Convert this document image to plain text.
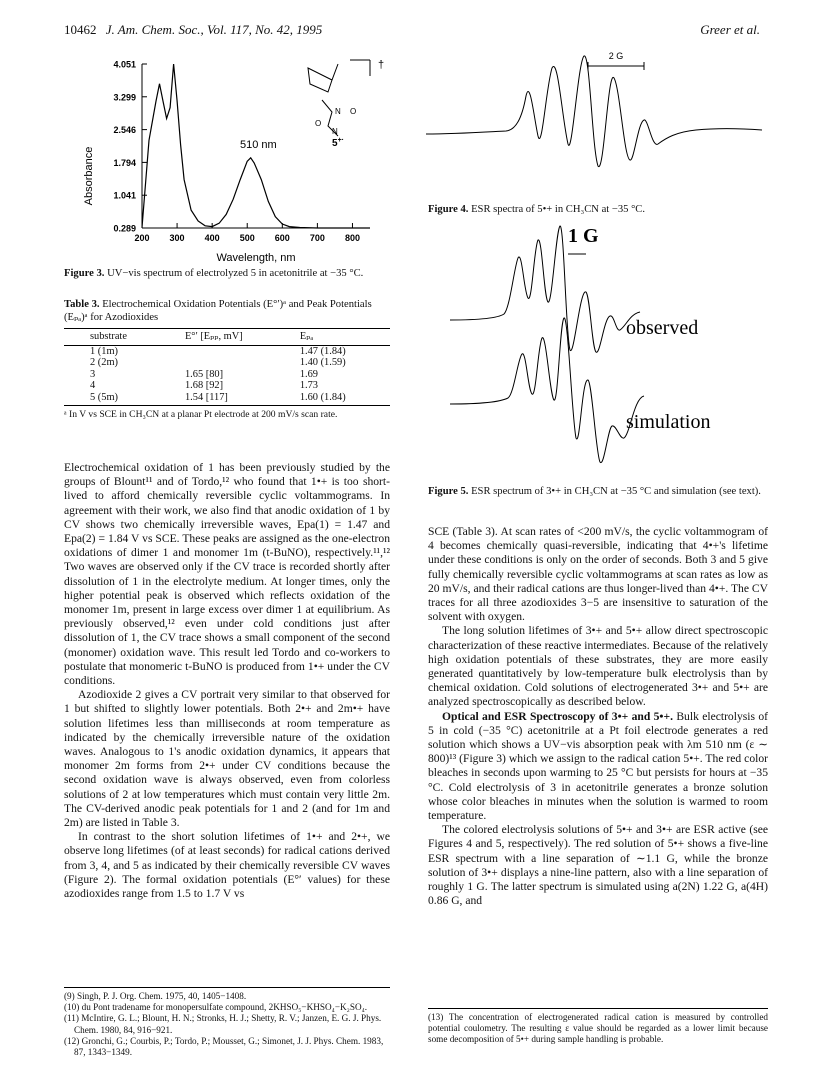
10462 J. Am. Chem. Soc., Vol. 117, No. 42, 1995	Greer et al.
Absorbance
4.051
3.299
2.546
1.794
1.041
0.289
200 300 400 500 600 700 800
510 nm
Wavelength, nm
N O
O
N
5+·
†
Figure 3. UV−vis spectrum of electrolyzed 5 in acetonitrile at −35 °C.
Table 3. Electrochemical Oxidation Potentials (E°′)ᵃ and Peak Potentials (Eₚₐ)ᵃ for Azodioxides
substrate	E°′ [Eₚₚ, mV]	Eₚₐ
1 (1m)		1.47 (1.84)
2 (2m)		1.40 (1.59)
3	1.65 [80]	1.69
4	1.68 [92]	1.73
5 (5m)	1.54 [117]	1.60 (1.84)
ᵃ In V vs SCE in CH₃CN at a planar Pt electrode at 200 mV/s scan rate.

Electrochemical oxidation of 1 has been previously studied by the groups of Blount¹¹ and of Tordo,¹² who found that 1•+ is too short-lived to afford chemically reversible cyclic voltammograms. In agreement with their work, we also find that anodic oxidation of 1 by CV shows two chemically irreversible waves, Epa(1) = 1.47 and Epa(2) = 1.84 V vs SCE. These peaks are assigned as the one-electron oxidations of dimer 1 and monomer 1m (t-BuNO), respectively.¹¹,¹² Two waves are observed only if the CV trace is recorded shortly after dissolution of 1 in the electrolyte medium. At longer times, only the higher potential peak is observed which reflects oxidation of the monomer 1m, present in large excess over dimer 1 at equilibrium. As previously observed,¹² even under cold conditions just after dissolution of 1, the CV trace shows a small component of the second (monomer) oxidation wave. This result led Tordo and co-workers to postulate that monomeric t-BuNO is produced from 1•+ under the CV conditions.

Azodioxide 2 gives a CV portrait very similar to that observed for 1 but shifted to slightly lower potentials. Both 2•+ and 2m•+ have solution lifetimes less than milliseconds at room temperature as indicated by the chemically irreversible nature of the oxidation waves. Analogous to 1's anodic oxidation dynamics, it appears that monomer 2m forms from 2•+ under CV conditions because the second oxidation wave is always observed, even from colorless solutions of 2 at low temperatures which must contain very little 2m. The CV-derived anodic peak potentials for 1 and 2 (and for 1m and 2m) are listed in Table 3.

In contrast to the short solution lifetimes of 1•+ and 2•+, we observe long lifetimes (of at least seconds) for radical cations derived from 3, 4, and 5 as indicated by their chemically reversible CV waves (Figure 2). The formal oxidation potentials (E°′ values) for these azodioxides range from 1.5 to 1.7 V vs

(9) Singh, P. J. Org. Chem. 1975, 40, 1405−1408.
(10) du Pont tradename for monopersulfate compound, 2KHSO₅−KHSO₄−K₂SO₄.
(11) McIntire, G. L.; Blount, H. N.; Stronks, H. J.; Shetty, R. V.; Janzen, E. G. J. Phys. Chem. 1980, 84, 916−921.
(12) Gronchi, G.; Courbis, P.; Tordo, P.; Mousset, G.; Simonet, J. J. Phys. Chem. 1983, 87, 1343−1349.
2 G
Figure 4. ESR spectra of 5•+ in CH₃CN at −35 °C.
1 G
observed
simulation
Figure 5. ESR spectrum of 3•+ in CH₃CN at −35 °C and simulation (see text).

SCE (Table 3). At scan rates of <200 mV/s, the cyclic voltammogram of 4 becomes chemically quasi-reversible, indicating that 4•+'s lifetime under these conditions is only on the order of seconds. Both 3 and 5 give fully chemically reversible cyclic voltammograms at scan rates as low as 20 mV/s, and their radical cations are thus longer-lived than 4•+. The CV traces for all three azodioxides 3−5 are insensitive to saturation of the solvent with oxygen.

The long solution lifetimes of 3•+ and 5•+ allow direct spectroscopic characterization of these reactive intermediates. Because of the relatively high oxidation potentials of these substrates, they are more easily generated quantitatively by low-temperature bulk electrolysis than by chemical oxidation. Cold solutions of electrogenerated 3•+ and 5•+ are analyzed spectroscopically as described below.

Optical and ESR Spectroscopy of 3•+ and 5•+. Bulk electrolysis of 5 in cold (−35 °C) acetonitrile at a Pt foil electrode generates a red solution which shows a UV−vis absorption peak with λm 510 nm (ε ∼ 800)¹³ (Figure 3) which we assign to the radical cation 5•+. The red color bleaches in seconds upon warming to 25 °C but persists for hours at −35 °C. Cold electrolysis of 3 in acetonitrile generates a bronze solution whose color bleaches in minutes when the solution is warmed to room temperature.

The colored electrolysis solutions of 5•+ and 3•+ are ESR active (see Figures 4 and 5, respectively). The red solution of 5•+ shows a five-line ESR spectrum with a line separation of ∼1.1 G, while the bronze solution of 3•+ displays a nine-line pattern, also with a line separation of roughly 1 G. The latter spectrum is simulated using a(2N) 1.22 G, a(4H) 0.86 G, and

(13) The concentration of electrogenerated radical cation is measured by controlled potential coulometry. The resulting ε value should be regarded as a lower limit because some decomposition of 5•+ during sample handling is probable.
